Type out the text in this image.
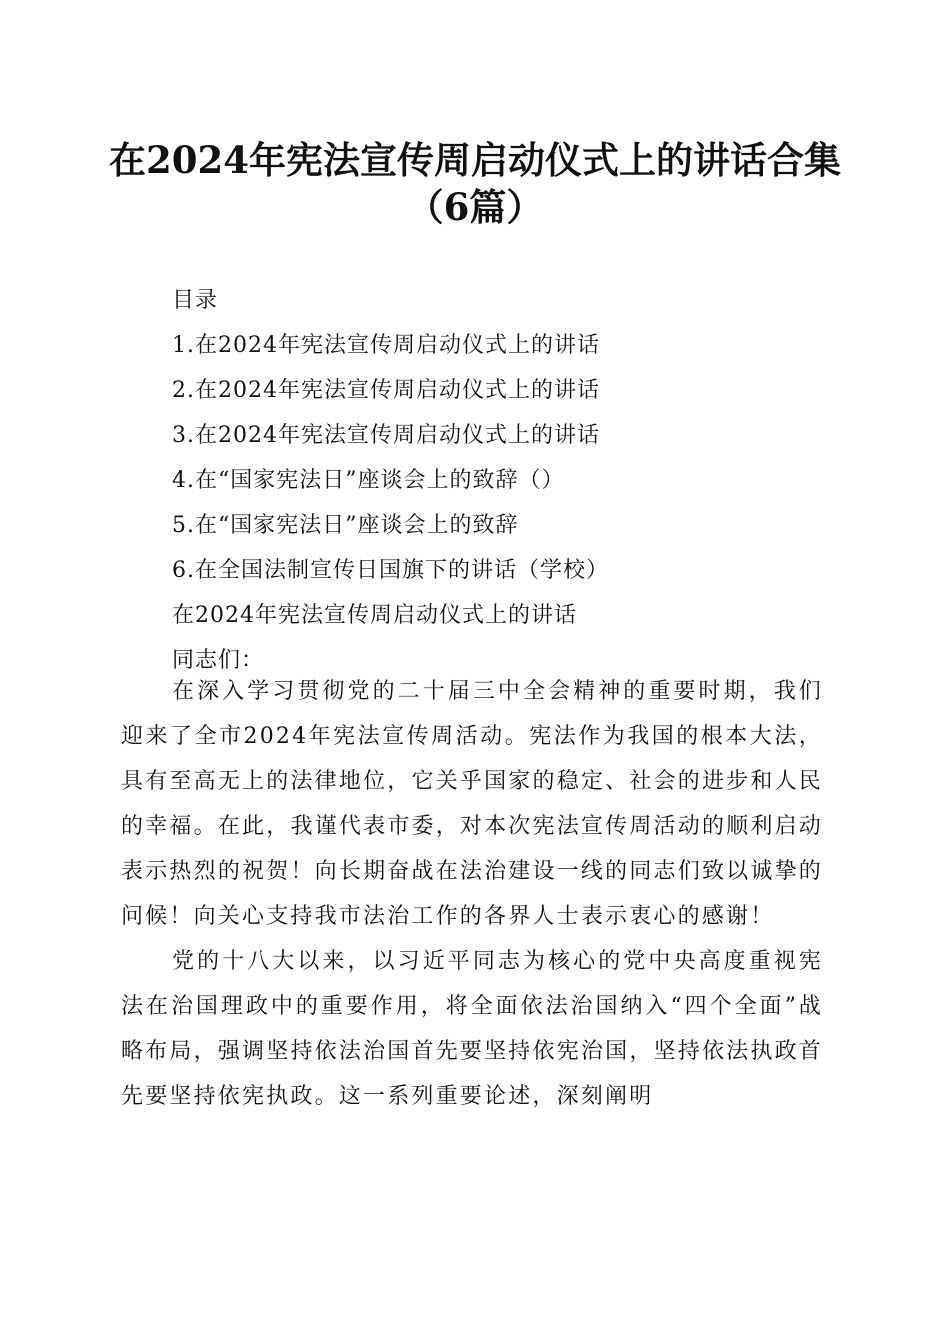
在2024年宪法宣传周启动仪式上的讲话合集
（6篇）
目录
1.在2024年宪法宣传周启动仪式上的讲话
2.在2024年宪法宣传周启动仪式上的讲话
3.在2024年宪法宣传周启动仪式上的讲话
4.在“国家宪法日”座谈会上的致辞（）
5.在“国家宪法日”座谈会上的致辞
6.在全国法制宣传日国旗下的讲话（学校）
在2024年宪法宣传周启动仪式上的讲话
同志们：

在深入学习贯彻党的二十届三中全会精神的重要时期，我们迎来了全市2024年宪法宣传周活动。宪法作为我国的根本大法，具有至高无上的法律地位，它关乎国家的稳定、社会的进步和人民的幸福。在此，我谨代表市委，对本次宪法宣传周活动的顺利启动表示热烈的祝贺！向长期奋战在法治建设一线的同志们致以诚挚的问候！向关心支持我市法治工作的各界人士表示衷心的感谢！

党的十八大以来，以习近平同志为核心的党中央高度重视宪法在治国理政中的重要作用，将全面依法治国纳入“四个全面”战略布局，强调坚持依法治国首先要坚持依宪治国，坚持依法执政首先要坚持依宪执政。这一系列重要论述，深刻阐明
